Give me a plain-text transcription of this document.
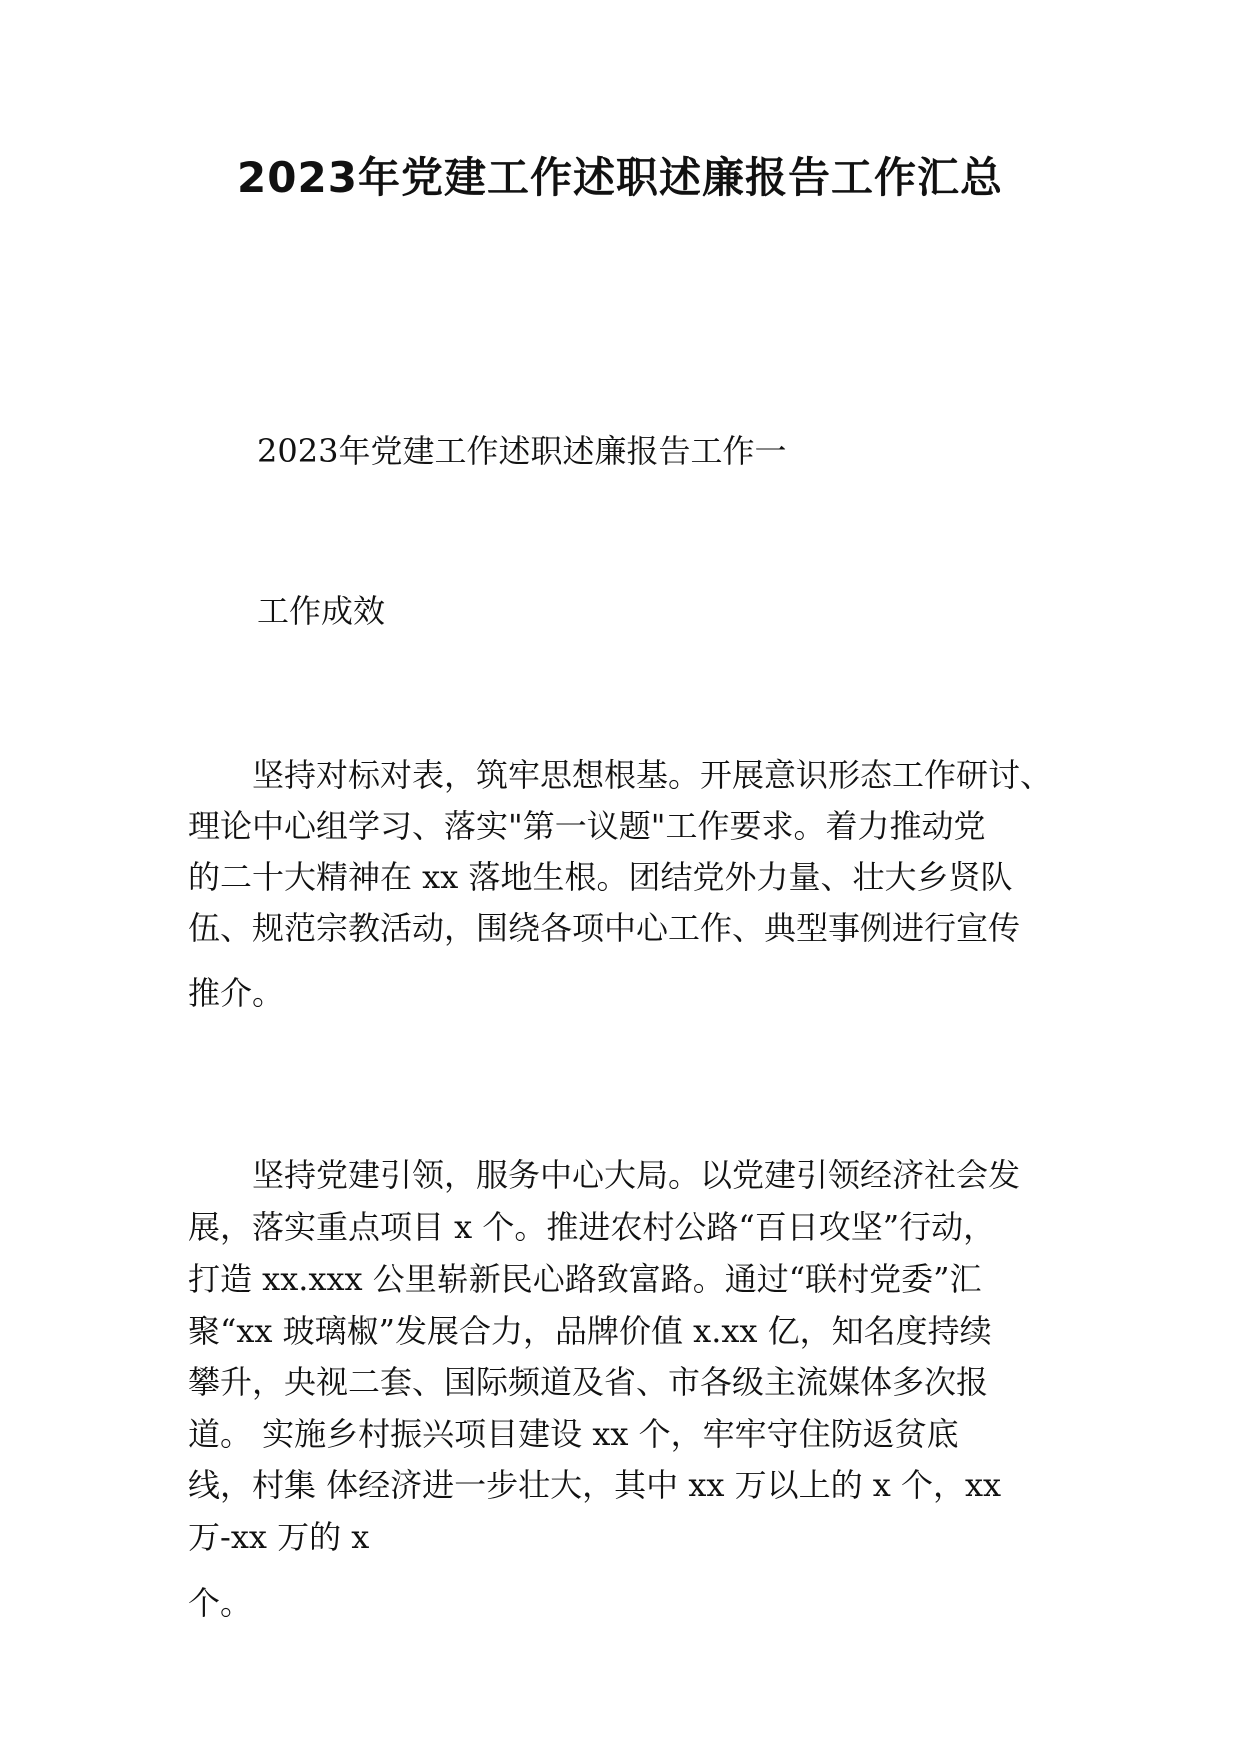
2023年党建工作述职述廉报告工作汇总
2023年党建工作述职述廉报告工作一
工作成效
　　坚持对标对表，筑牢思想根基。开展意识形态工作研讨、
理论中心组学习、落实"第一议题"工作要求。着力推动党
的二十大精神在 xx 落地生根。团结党外力量、壮大乡贤队
伍、规范宗教活动，围绕各项中心工作、典型事例进行宣传
推介。
　　坚持党建引领，服务中心大局。以党建引领经济社会发
展，落实重点项目 x 个。推进农村公路“百日攻坚”行动，
打造 xx.xxx 公里崭新民心路致富路。通过“联村党委”汇
聚“xx 玻璃椒”发展合力，品牌价值 x.xx 亿，知名度持续
攀升，央视二套、国际频道及省、市各级主流媒体多次报
道。 实施乡村振兴项目建设 xx 个，牢牢守住防返贫底
线，村集 体经济进一步壮大，其中 xx 万以上的 x 个，xx
万-xx 万的 x
个。
